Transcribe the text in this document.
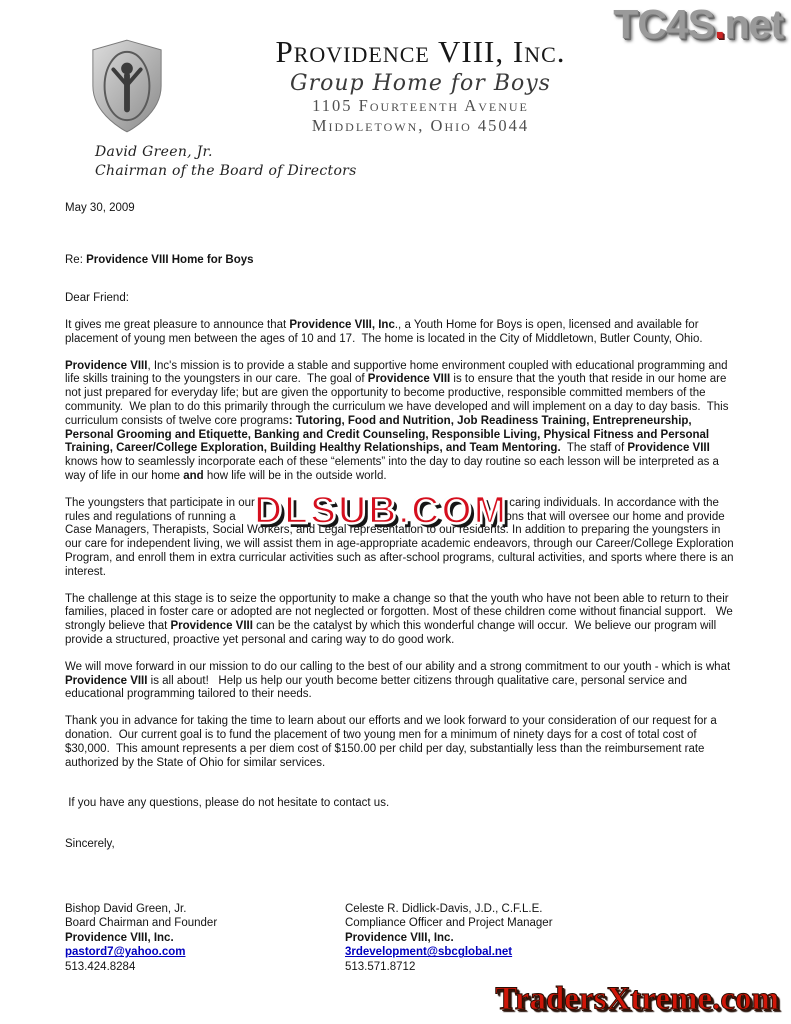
TC4S.net
Providence VIII, Inc.
Group Home for Boys
1105 Fourteenth Avenue
Middletown, Ohio 45044
David Green, Jr.
Chairman of the Board of Directors

May 30, 2009

Re: Providence VIII Home for Boys

Dear Friend:

It gives me great pleasure to announce that Providence VIII, Inc., a Youth Home for Boys is open, licensed and available for placement of young men between the ages of 10 and 17.  The home is located in the City of Middletown, Butler County, Ohio.

Providence VIII, Inc's mission is to provide a stable and supportive home environment coupled with educational programming and life skills training to the youngsters in our care.  The goal of Providence VIII is to ensure that the youth that reside in our home are not just prepared for everyday life; but are given the opportunity to become productive, responsible committed members of the community.  We plan to do this primarily through the curriculum we have developed and will implement on a day to day basis.  This curriculum consists of twelve core programs: Tutoring, Food and Nutrition, Job Readiness Training, Entrepreneurship, Personal Grooming and Etiquette, Banking and Credit Counseling, Responsible Living, Physical Fitness and Personal Training, Career/College Exploration, Building Healthy Relationships, and Team Mentoring.  The staff of Providence VIII knows how to seamlessly incorporate each of these “elements” into the day to day routine so each lesson will be interpreted as a way of life in our home and how life will be in the outside world.

The youngsters that participate in our	caring individuals. In accordance with the rules and regulations of running a	izations that will oversee our home and provide Case Managers, Therapists, Social Workers, and Legal representation to our residents. In addition to preparing the youngsters in our care for independent living, we will assist them in age-appropriate academic endeavors, through our Career/College Exploration Program, and enroll them in extra curricular activities such as after-school programs, cultural activities, and sports where there is an interest.

The challenge at this stage is to seize the opportunity to make a change so that the youth who have not been able to return to their families, placed in foster care or adopted are not neglected or forgotten. Most of these children come without financial support.   We strongly believe that Providence VIII can be the catalyst by which this wonderful change will occur.  We believe our program will provide a structured, proactive yet personal and caring way to do good work.

We will move forward in our mission to do our calling to the best of our ability and a strong commitment to our youth - which is what Providence VIII is all about!   Help us help our youth become better citizens through qualitative care, personal service and educational programming tailored to their needs.

Thank you in advance for taking the time to learn about our efforts and we look forward to your consideration of our request for a donation.  Our current goal is to fund the placement of two young men for a minimum of ninety days for a cost of total cost of $30,000.  This amount represents a per diem cost of $150.00 per child per day, substantially less than the reimbursement rate authorized by the State of Ohio for similar services.

If you have any questions, please do not hesitate to contact us.

Sincerely,

Bishop David Green, Jr.
Board Chairman and Founder
Providence VIII, Inc.
pastord7@yahoo.com
513.424.8284
Celeste R. Didlick-Davis, J.D., C.F.L.E.
Compliance Officer and Project Manager
Providence VIII, Inc.
3rdevelopment@sbcglobal.net
513.571.8712
DLSUB.COM
TradersXtreme.com
